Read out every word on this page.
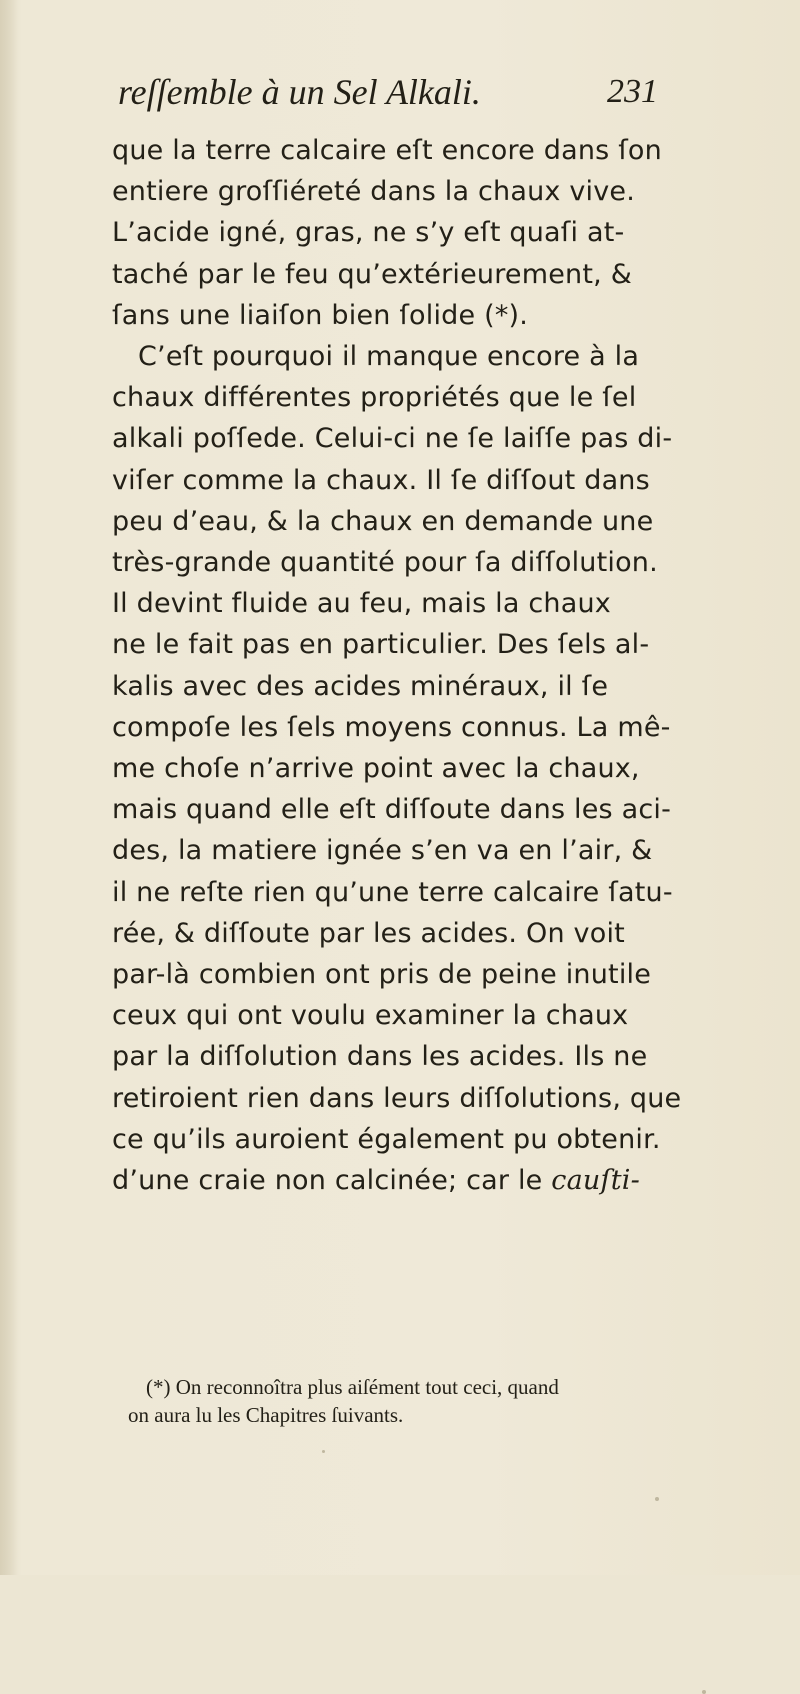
reſſemble à un Sel Alkali.	231
que la terre calcaire eſt encore dans ſon
entiere groſſiéreté dans la chaux vive.
L’acide igné, gras, ne s’y eſt quaſi at-
taché par le feu qu’extérieurement, &
ſans une liaiſon bien ſolide (*).
C’eſt pourquoi il manque encore à la
chaux différentes propriétés que le ſel
alkali poſſede. Celui-ci ne ſe laiſſe pas di-
viſer comme la chaux. Il ſe diſſout dans
peu d’eau, & la chaux en demande une
très-grande quantité pour ſa diſſolution.
Il devint fluide au feu, mais la chaux
ne le fait pas en particulier. Des ſels al-
kalis avec des acides minéraux, il ſe
compoſe les ſels moyens connus. La mê-
me choſe n’arrive point avec la chaux,
mais quand elle eſt diſſoute dans les aci-
des, la matiere ignée s’en va en l’air, &
il ne reſte rien qu’une terre calcaire ſatu-
rée, & diſſoute par les acides. On voit
par-là combien ont pris de peine inutile
ceux qui ont voulu examiner la chaux
par la diſſolution dans les acides. Ils ne
retiroient rien dans leurs diſſolutions, que
ce qu’ils auroient également pu obtenir.
d’une craie non calcinée; car le cauſti-
(*) On reconnoîtra plus aiſément tout ceci, quand
on aura lu les Chapitres ſuivants.
